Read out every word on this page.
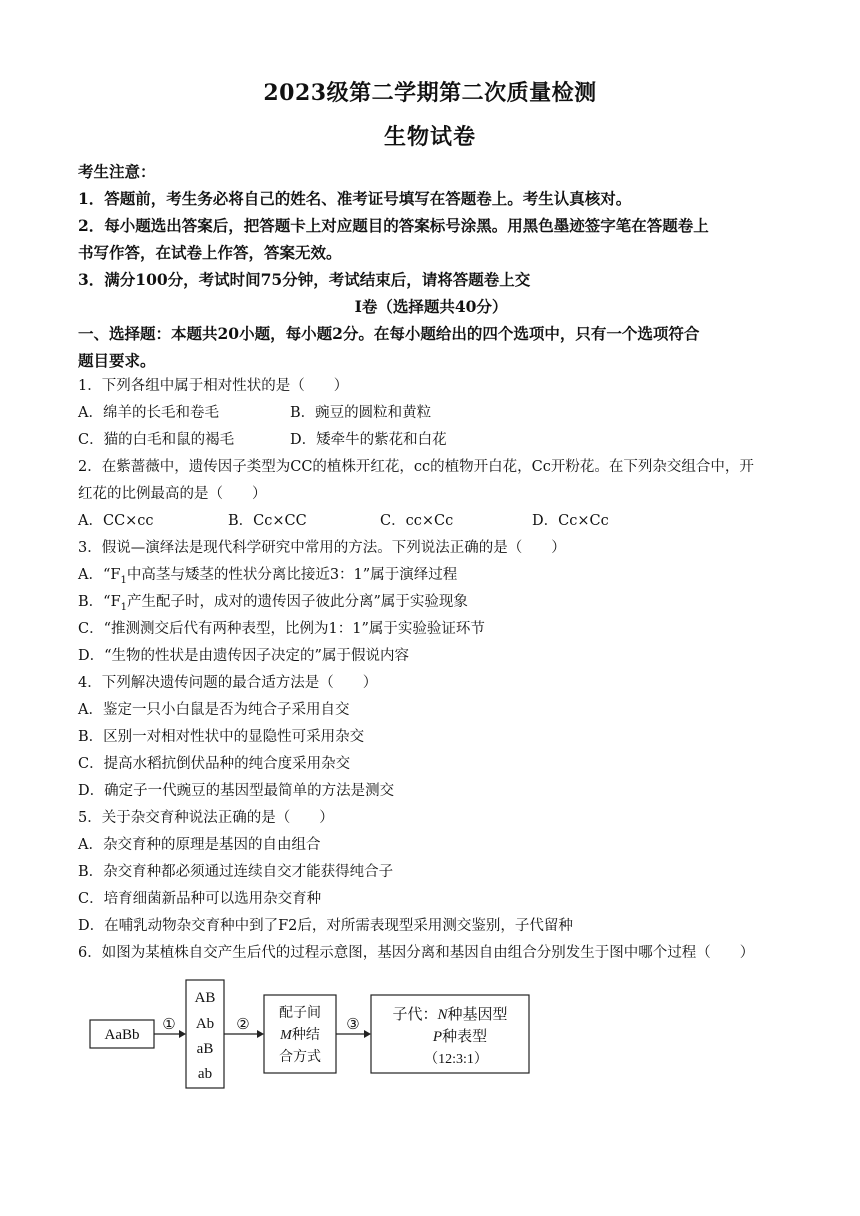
2023级第二学期第二次质量检测
生物试卷
考生注意：
1．答题前，考生务必将自己的姓名、准考证号填写在答题卷上。考生认真核对。
2．每小题选出答案后，把答题卡上对应题目的答案标号涂黑。用黑色墨迹签字笔在答题卷上
书写作答，在试卷上作答，答案无效。
3．满分100分，考试时间75分钟，考试结束后，请将答题卷上交
I卷（选择题共40分）
一、选择题：本题共20小题，每小题2分。在每小题给出的四个选项中，只有一个选项符合
题目要求。
1．下列各组中属于相对性状的是（　　）
A．绵羊的长毛和卷毛	B．豌豆的圆粒和黄粒
C．猫的白毛和鼠的褐毛	D．矮牵牛的紫花和白花
2．在紫蔷薇中，遗传因子类型为CC的植株开红花，cc的植物开白花，Cc开粉花。在下列杂交组合中，开
红花的比例最高的是（　　）
A．CC×cc	B．Cc×CC	C．cc×Cc	D．Cc×Cc
3．假说—演绎法是现代科学研究中常用的方法。下列说法正确的是（　　）
A．“$F_1$中高茎与矮茎的性状分离比接近3：1”属于演绎过程
B．“$F_1$产生配子时，成对的遗传因子彼此分离”属于实验现象
C．“推测测交后代有两种表型，比例为1：1”属于实验验证环节
D．“生物的性状是由遗传因子决定的”属于假说内容
4．下列解决遗传问题的最合适方法是（　　）
A．鉴定一只小白鼠是否为纯合子采用自交
B．区别一对相对性状中的显隐性可采用杂交
C．提高水稻抗倒伏品种的纯合度采用杂交
D．确定子一代豌豆的基因型最简单的方法是测交
5．关于杂交育种说法正确的是（　　）
A．杂交育种的原理是基因的自由组合
B．杂交育种都必须通过连续自交才能获得纯合子
C．培育细菌新品种可以选用杂交育种
D．在哺乳动物杂交育种中到了F2后，对所需表现型采用测交鉴别，子代留种
6．如图为某植株自交产生后代的过程示意图，基因分离和基因自由组合分别发生于图中哪个过程（　　）
AaBb
①	②	③
AB
Ab
aB
ab
配子间
M种结
合方式
子代：N种基因型
P种表型
（12:3:1）
